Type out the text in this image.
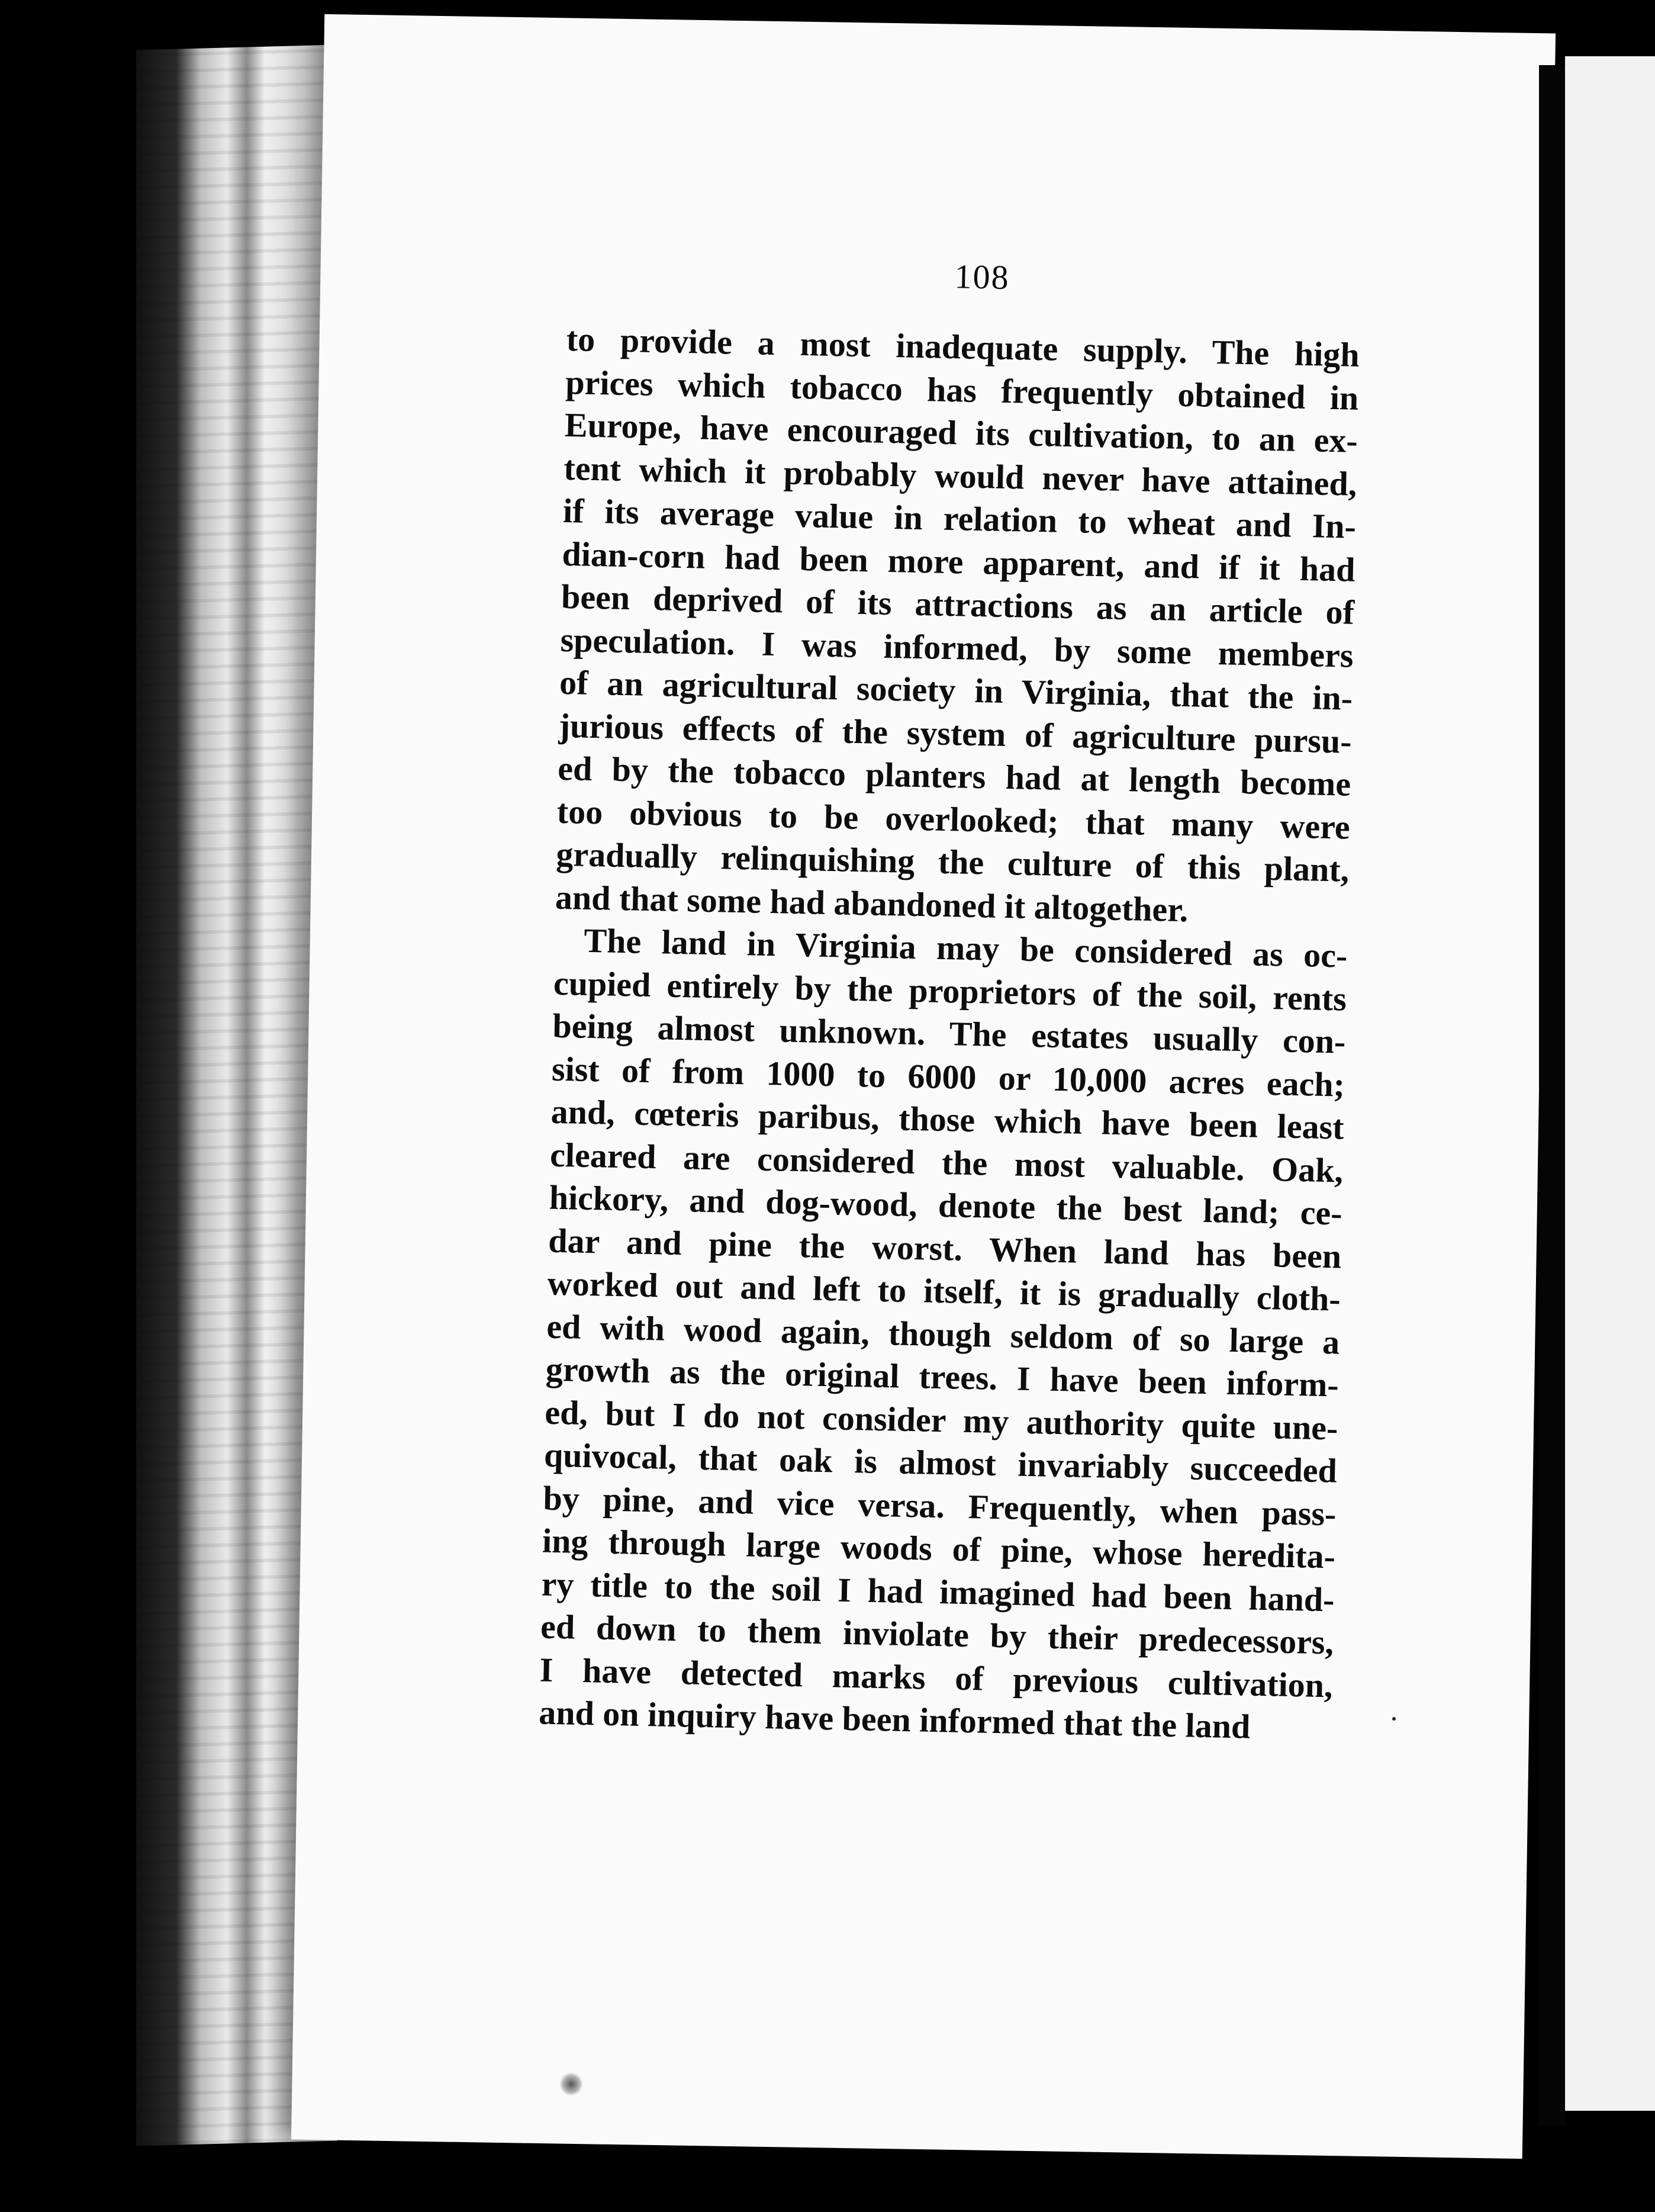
108
to provide a most inadequate supply. The high
prices which tobacco has frequently obtained in
Europe, have encouraged its cultivation, to an ex-
tent which it probably would never have attained,
if its average value in relation to wheat and In-
dian-corn had been more apparent, and if it had
been deprived of its attractions as an article of
speculation. I was informed, by some members
of an agricultural society in Virginia, that the in-
jurious effects of the system of agriculture pursu-
ed by the tobacco planters had at length become
too obvious to be overlooked; that many were
gradually relinquishing the culture of this plant,
and that some had abandoned it altogether.
The land in Virginia may be considered as oc-
cupied entirely by the proprietors of the soil, rents
being almost unknown. The estates usually con-
sist of from 1000 to 6000 or 10,000 acres each;
and, cœteris paribus, those which have been least
cleared are considered the most valuable. Oak,
hickory, and dog-wood, denote the best land; ce-
dar and pine the worst. When land has been
worked out and left to itself, it is gradually cloth-
ed with wood again, though seldom of so large a
growth as the original trees. I have been inform-
ed, but I do not consider my authority quite une-
quivocal, that oak is almost invariably succeeded
by pine, and vice versa. Frequently, when pass-
ing through large woods of pine, whose heredita-
ry title to the soil I had imagined had been hand-
ed down to them inviolate by their predecessors,
I have detected marks of previous cultivation,
and on inquiry have been informed that the land
